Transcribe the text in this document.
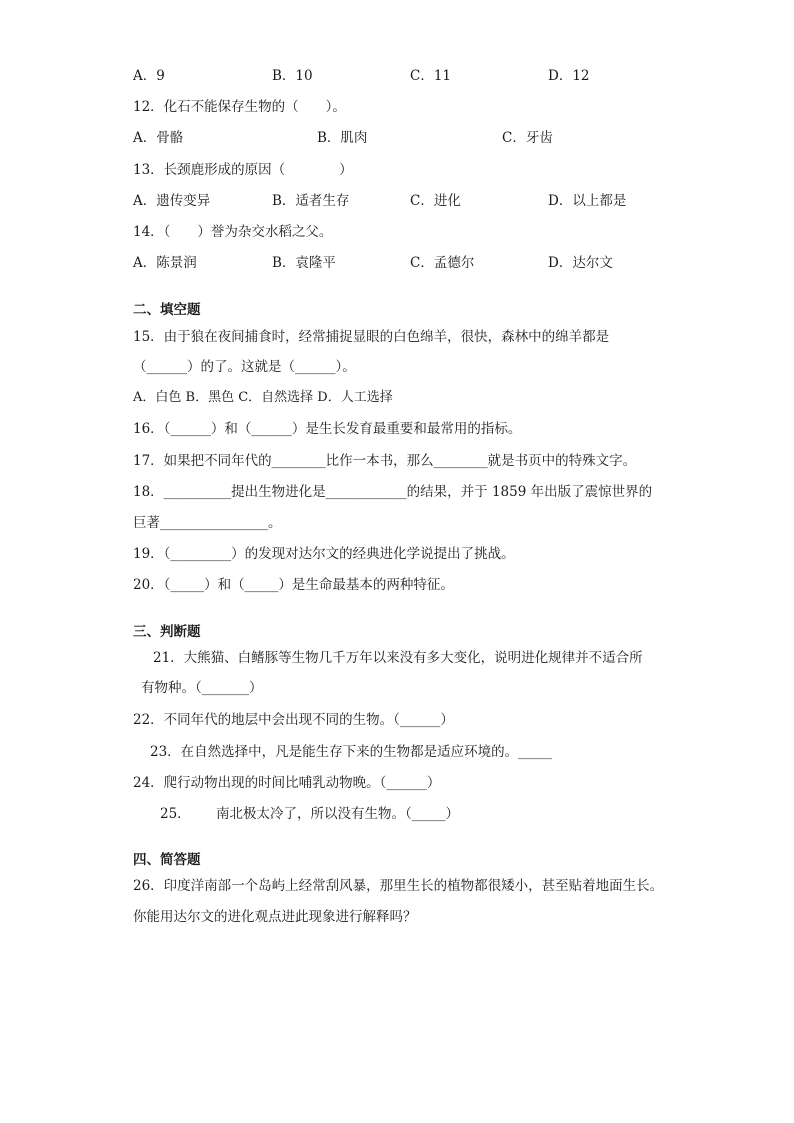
A．9	B．10	C．11	D．12
12．化石不能保存生物的（　　）。
A．骨骼	B．肌肉	C．牙齿
13．长颈鹿形成的原因（　　　　）
A．遗传变异	B．适者生存	C．进化	D．以上都是
14．（　　）誉为杂交水稻之父。
A．陈景润	B．袁隆平	C．孟德尔	D．达尔文
二、填空题
15．由于狼在夜间捕食时，经常捕捉显眼的白色绵羊，很快，森林中的绵羊都是
（______）的了。这就是（______）。
A．白色 B．黑色 C．自然选择 D．人工选择
16．（______）和（______）是生长发育最重要和最常用的指标。
17．如果把不同年代的________比作一本书，那么________就是书页中的特殊文字。
18．__________提出生物进化是____________的结果，并于 1859 年出版了震惊世界的
巨著________________。
19．（_________）的发现对达尔文的经典进化学说提出了挑战。
20．（_____）和（_____）是生命最基本的两种特征。
三、判断题
21．大熊猫、白鳍豚等生物几千万年以来没有多大变化，说明进化规律并不适合所
有物种。（_______）
22．不同年代的地层中会出现不同的生物。（______）
23．在自然选择中，凡是能生存下来的生物都是适应环境的。_____
24．爬行动物出现的时间比哺乳动物晚。（______）
25． 南北极太冷了，所以没有生物。（_____）
四、简答题
26．印度洋南部一个岛屿上经常刮风暴，那里生长的植物都很矮小，甚至贴着地面生长。
你能用达尔文的进化观点进此现象进行解释吗？
